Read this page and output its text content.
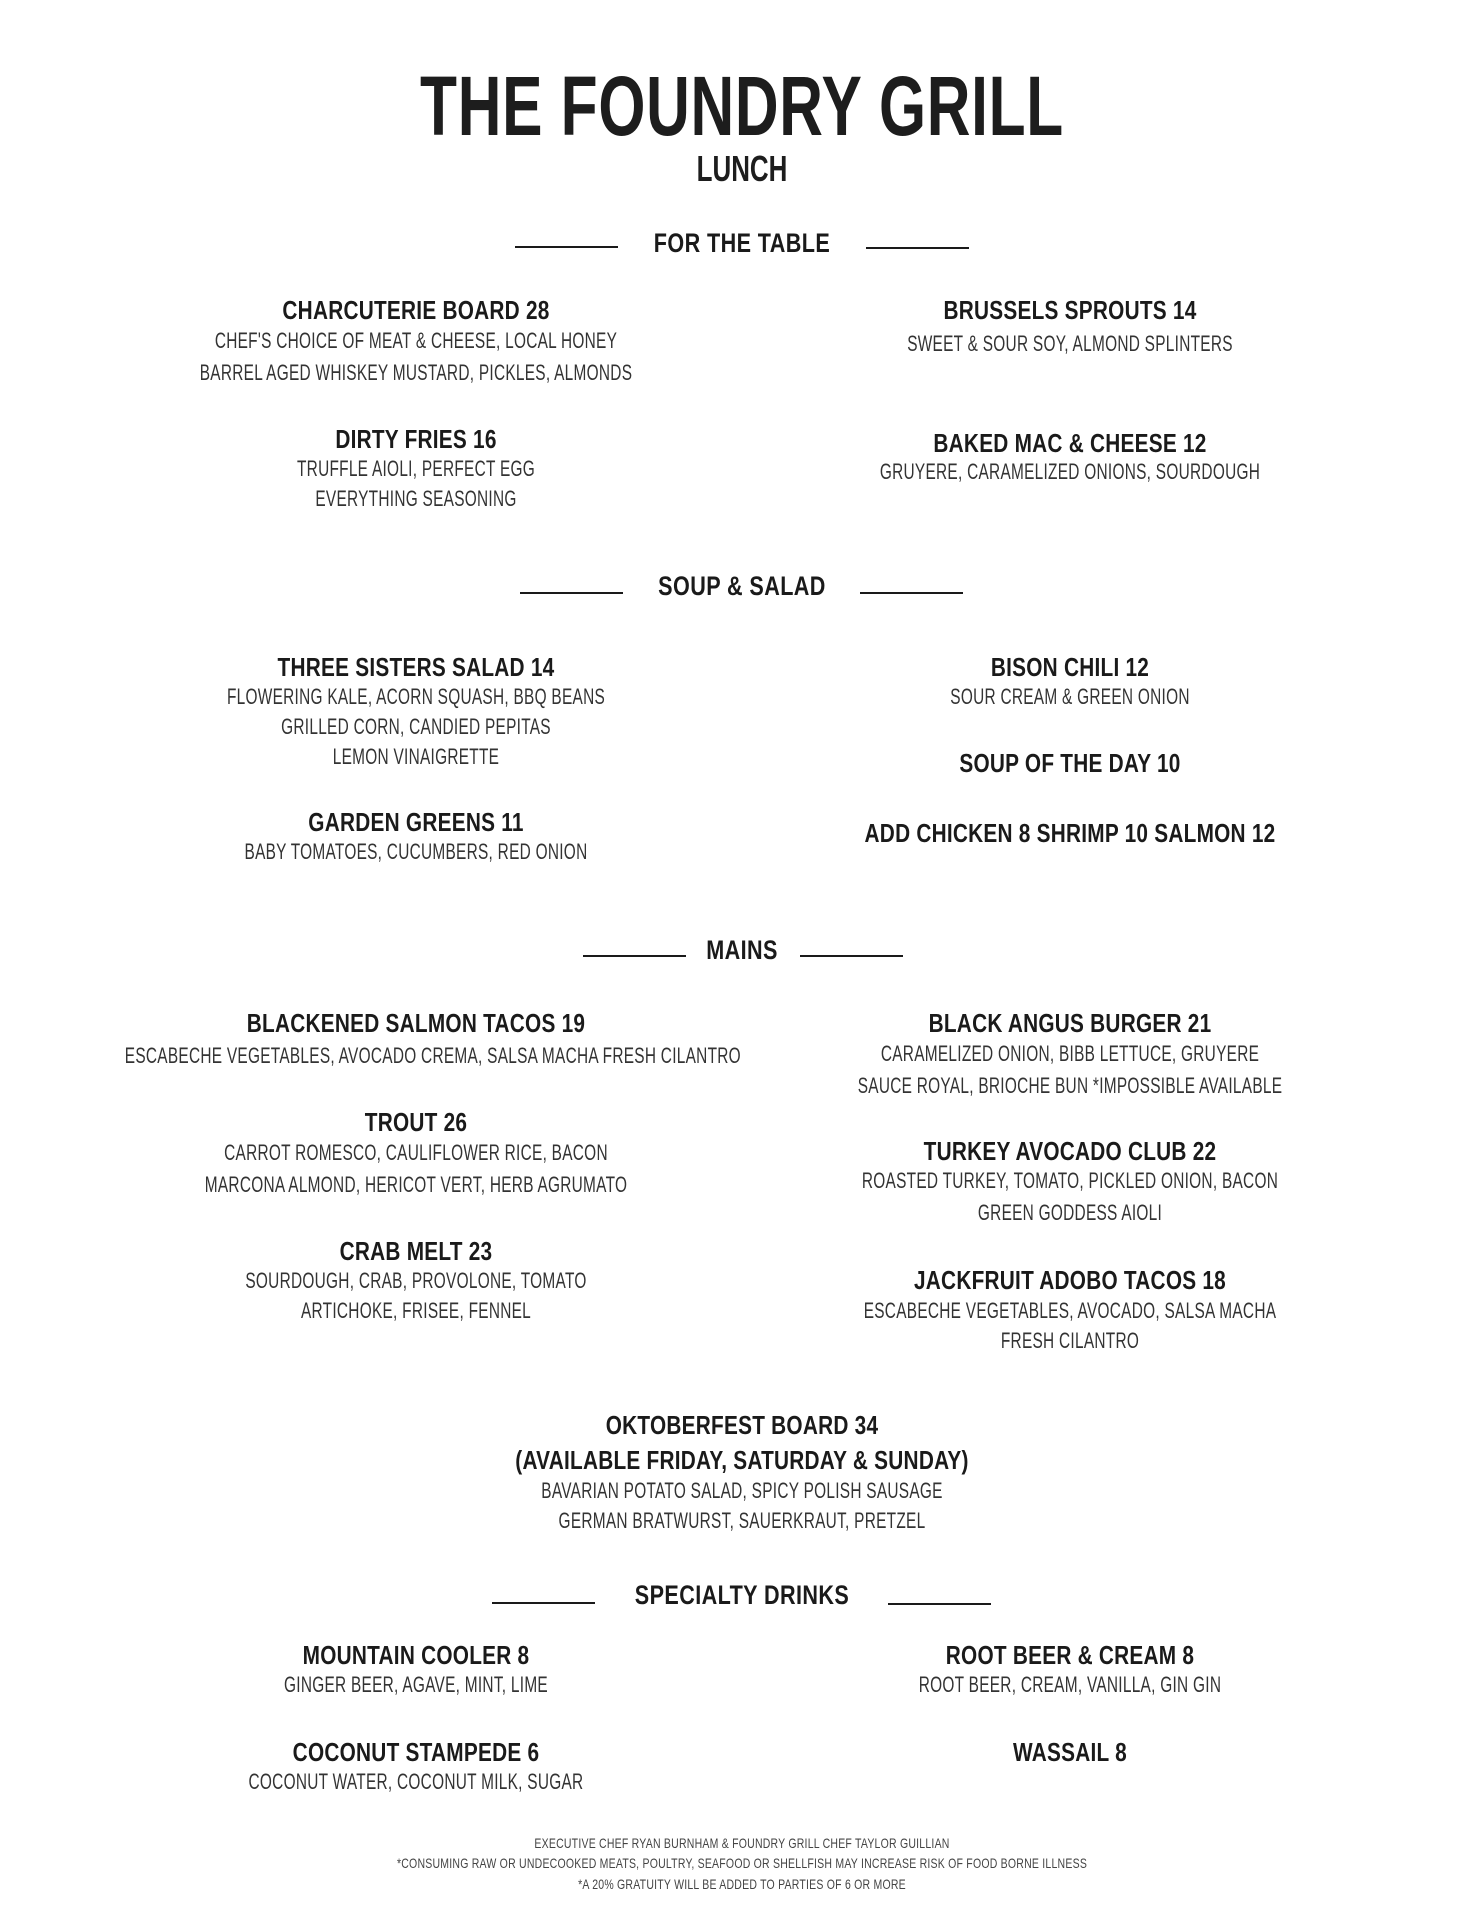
THE FOUNDRY GRILL
LUNCH
FOR THE TABLE
CHARCUTERIE BOARD 28
CHEF'S CHOICE OF MEAT & CHEESE, LOCAL HONEY
BARREL AGED WHISKEY MUSTARD, PICKLES, ALMONDS
BRUSSELS SPROUTS 14
SWEET & SOUR SOY, ALMOND SPLINTERS
DIRTY FRIES 16
TRUFFLE AIOLI, PERFECT EGG
EVERYTHING SEASONING
BAKED MAC & CHEESE 12
GRUYERE, CARAMELIZED ONIONS, SOURDOUGH
SOUP & SALAD
THREE SISTERS SALAD 14
FLOWERING KALE, ACORN SQUASH, BBQ BEANS
GRILLED CORN, CANDIED PEPITAS
LEMON VINAIGRETTE
BISON CHILI 12
SOUR CREAM & GREEN ONION
SOUP OF THE DAY 10
GARDEN GREENS 11
BABY TOMATOES, CUCUMBERS, RED ONION
ADD CHICKEN 8 SHRIMP 10 SALMON 12
MAINS
BLACKENED SALMON TACOS 19
ESCABECHE VEGETABLES, AVOCADO CREMA, SALSA MACHA FRESH CILANTRO
BLACK ANGUS BURGER 21
CARAMELIZED ONION, BIBB LETTUCE, GRUYERE
SAUCE ROYAL, BRIOCHE BUN *IMPOSSIBLE AVAILABLE
TROUT 26
CARROT ROMESCO, CAULIFLOWER RICE, BACON
MARCONA ALMOND, HERICOT VERT, HERB AGRUMATO
TURKEY AVOCADO CLUB 22
ROASTED TURKEY, TOMATO, PICKLED ONION, BACON
GREEN GODDESS AIOLI
CRAB MELT 23
SOURDOUGH, CRAB, PROVOLONE, TOMATO
ARTICHOKE, FRISEE, FENNEL
JACKFRUIT ADOBO TACOS 18
ESCABECHE VEGETABLES, AVOCADO, SALSA MACHA
FRESH CILANTRO
OKTOBERFEST BOARD 34
(AVAILABLE FRIDAY, SATURDAY & SUNDAY)
BAVARIAN POTATO SALAD, SPICY POLISH SAUSAGE
GERMAN BRATWURST, SAUERKRAUT, PRETZEL
SPECIALTY DRINKS
MOUNTAIN COOLER 8
GINGER BEER, AGAVE, MINT, LIME
ROOT BEER & CREAM 8
ROOT BEER, CREAM, VANILLA, GIN GIN
COCONUT STAMPEDE 6
COCONUT WATER, COCONUT MILK, SUGAR
WASSAIL 8
EXECUTIVE CHEF RYAN BURNHAM & FOUNDRY GRILL CHEF TAYLOR GUILLIAN
*CONSUMING RAW OR UNDECOOKED MEATS, POULTRY, SEAFOOD OR SHELLFISH MAY INCREASE RISK OF FOOD BORNE ILLNESS
*A 20% GRATUITY WILL BE ADDED TO PARTIES OF 6 OR MORE
